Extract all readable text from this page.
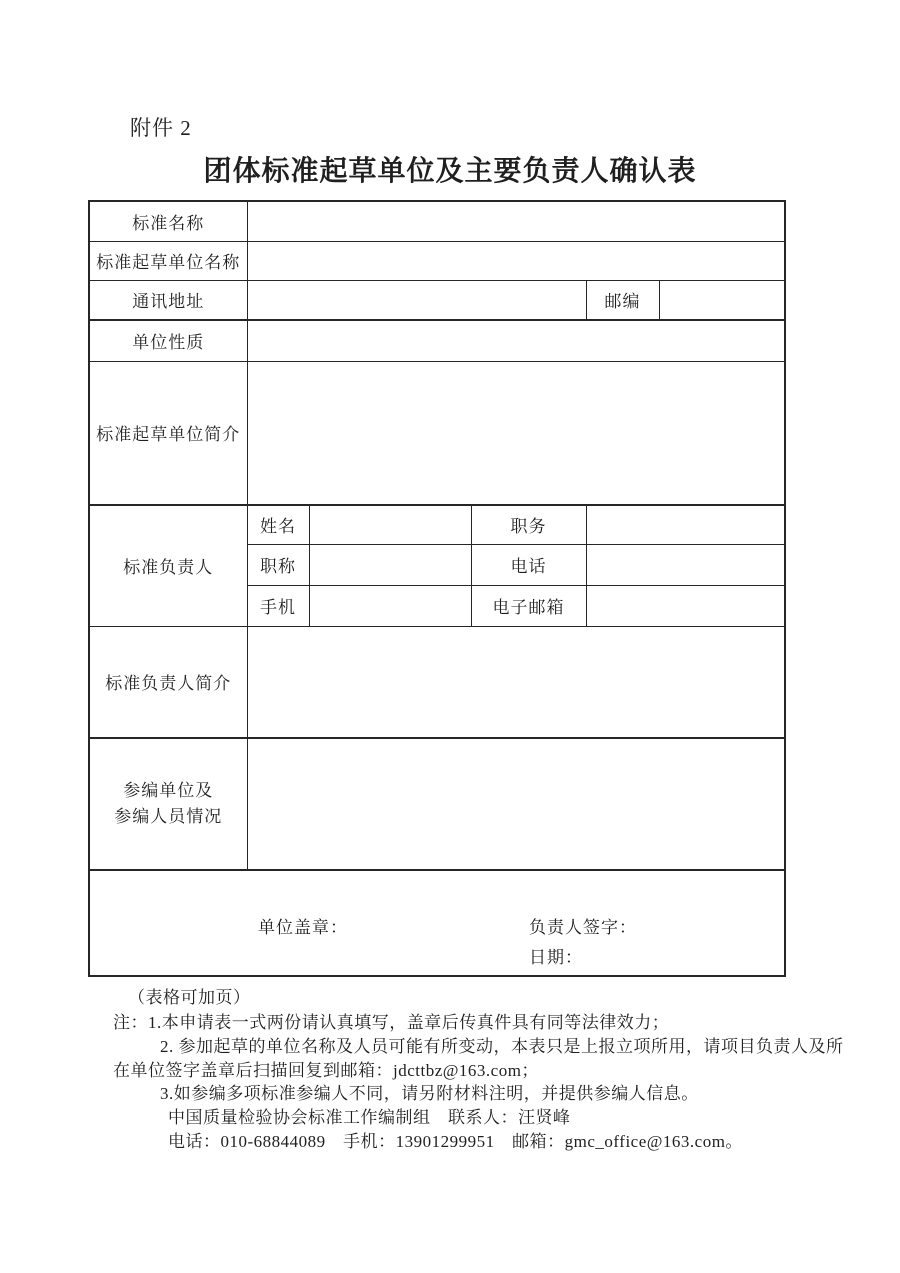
附件 2
团体标准起草单位及主要负责人确认表
标准名称					
标准起草单位名称					
通讯地址				邮编	
单位性质					
标准起草单位简介					
标准负责人	姓名		职务		
	职称		电话		
	手机		电子邮箱		
标准负责人简介					

参编单位及
参编人员情况					

单位盖章： 负责人签字：
日期：					
（表格可加页）
注：1.本申请表一式两份请认真填写，盖章后传真件具有同等法律效力；
2. 参加起草的单位名称及人员可能有所变动，本表只是上报立项所用，请项目负责人及所
在单位签字盖章后扫描回复到邮箱：jdcttbz@163.com；
3.如参编多项标准参编人不同，请另附材料注明，并提供参编人信息。
中国质量检验协会标准工作编制组　联系人：汪贤峰
电话：010-68844089　手机：13901299951　邮箱：gmc_office@163.com。
